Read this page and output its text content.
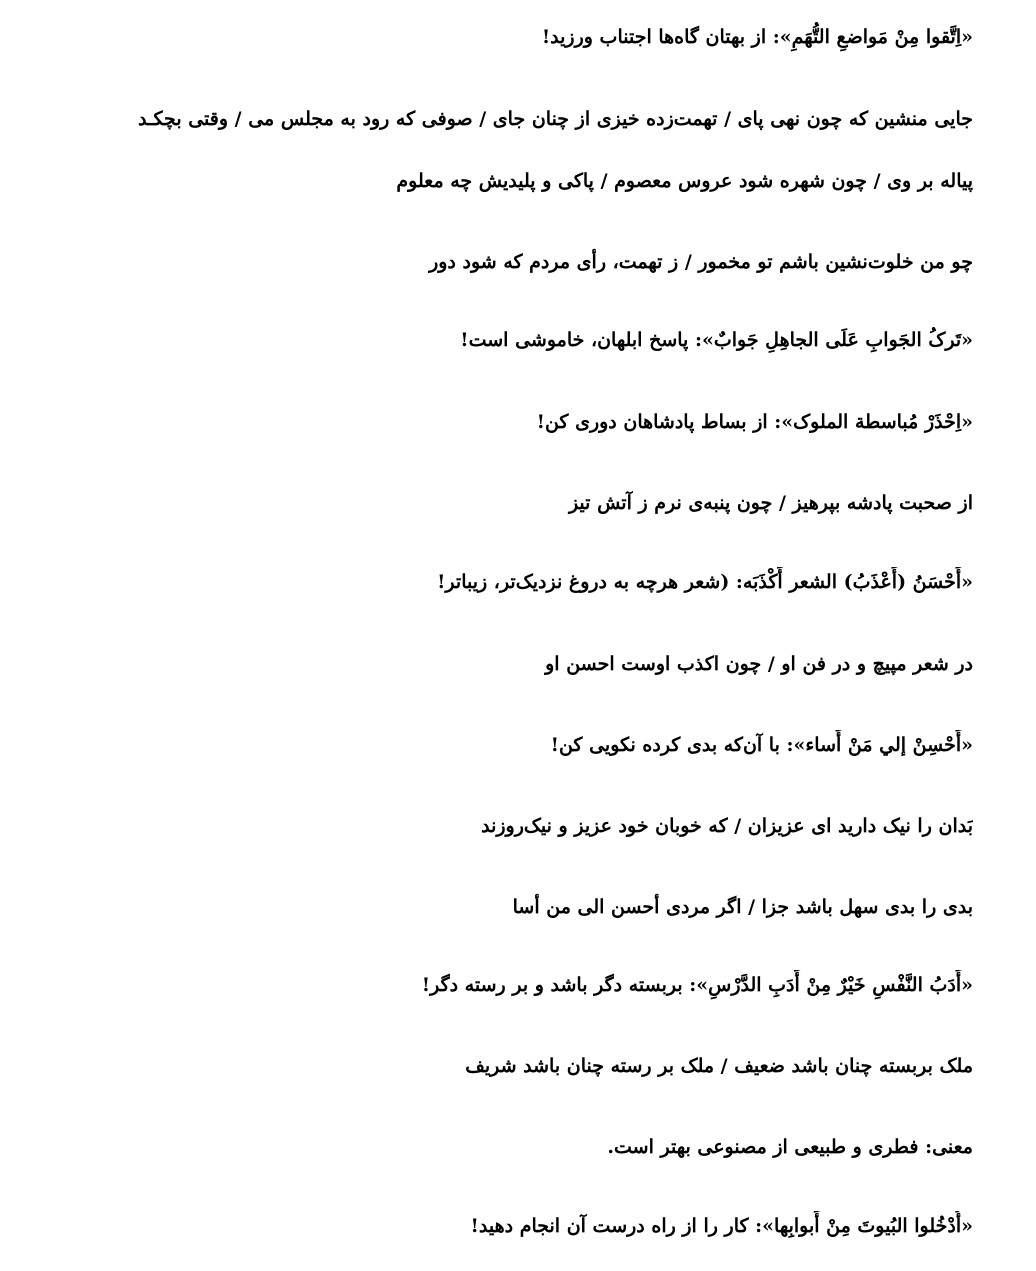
«اِتَّقوا مِنْ مَواضعِ التُّهَمِ»: از بهتان گاه‌ها اجتناب ورزید!
جایی منشین که چون نهی پای / تهمت‌زده خیزی از چنان جای / صوفی که رود به مجلس می / وقتی بچکـد
پیاله بر وی / چون شهره شود عروس معصوم / پاکی و پلیدیش چه معلوم
چو من خلوت‌نشین باشم تو مخمور / ز تهمت، رأی مردم که شود دور
«تَرکُ الجَوابِ عَلَی الجاهِلِ جَوابٌ»: پاسخ ابلهان، خاموشی است!
«اِحْذَرْ مُباسطة الملوک»: از بساط پادشاهان دوری کن!
از صحبت پادشه بپرهیز / چون پنبه‌ی نرم ز آتش تیز
«أَحْسَنُ (أَعْذَبُ) الشعر أَكْذَبَه: (شعر هرچه به دروغ نزدیک‌تر، زیباتر!
در شعر مپیچ و در فن او / چون اکذب اوست احسن او
«أَحْسِنْ إلي مَنْ أَساء»: با آن‌که بدی کرده نکویی کن!
بَدان را نیک دارید ای عزیزان / که خوبان خود عزیز و نیک‌روزند
بدی را بدی سهل باشد جزا / اگر مردی أحسن الی من أسا
«أَدَبُ النَّفْسِ خَيْرٌ مِنْ أَدَبِ الدَّرْسِ»: بربسته دگر باشد و بر رسته دگر!
ملک بربسته چنان باشد ضعیف / ملک بر رسته چنان باشد شریف
معنی: فطری و طبیعی از مصنوعی بهتر است.
«أُدْخُلوا البُيوتَ مِنْ أَبوابِها»: کار را از راه درست آن انجام دهید!
